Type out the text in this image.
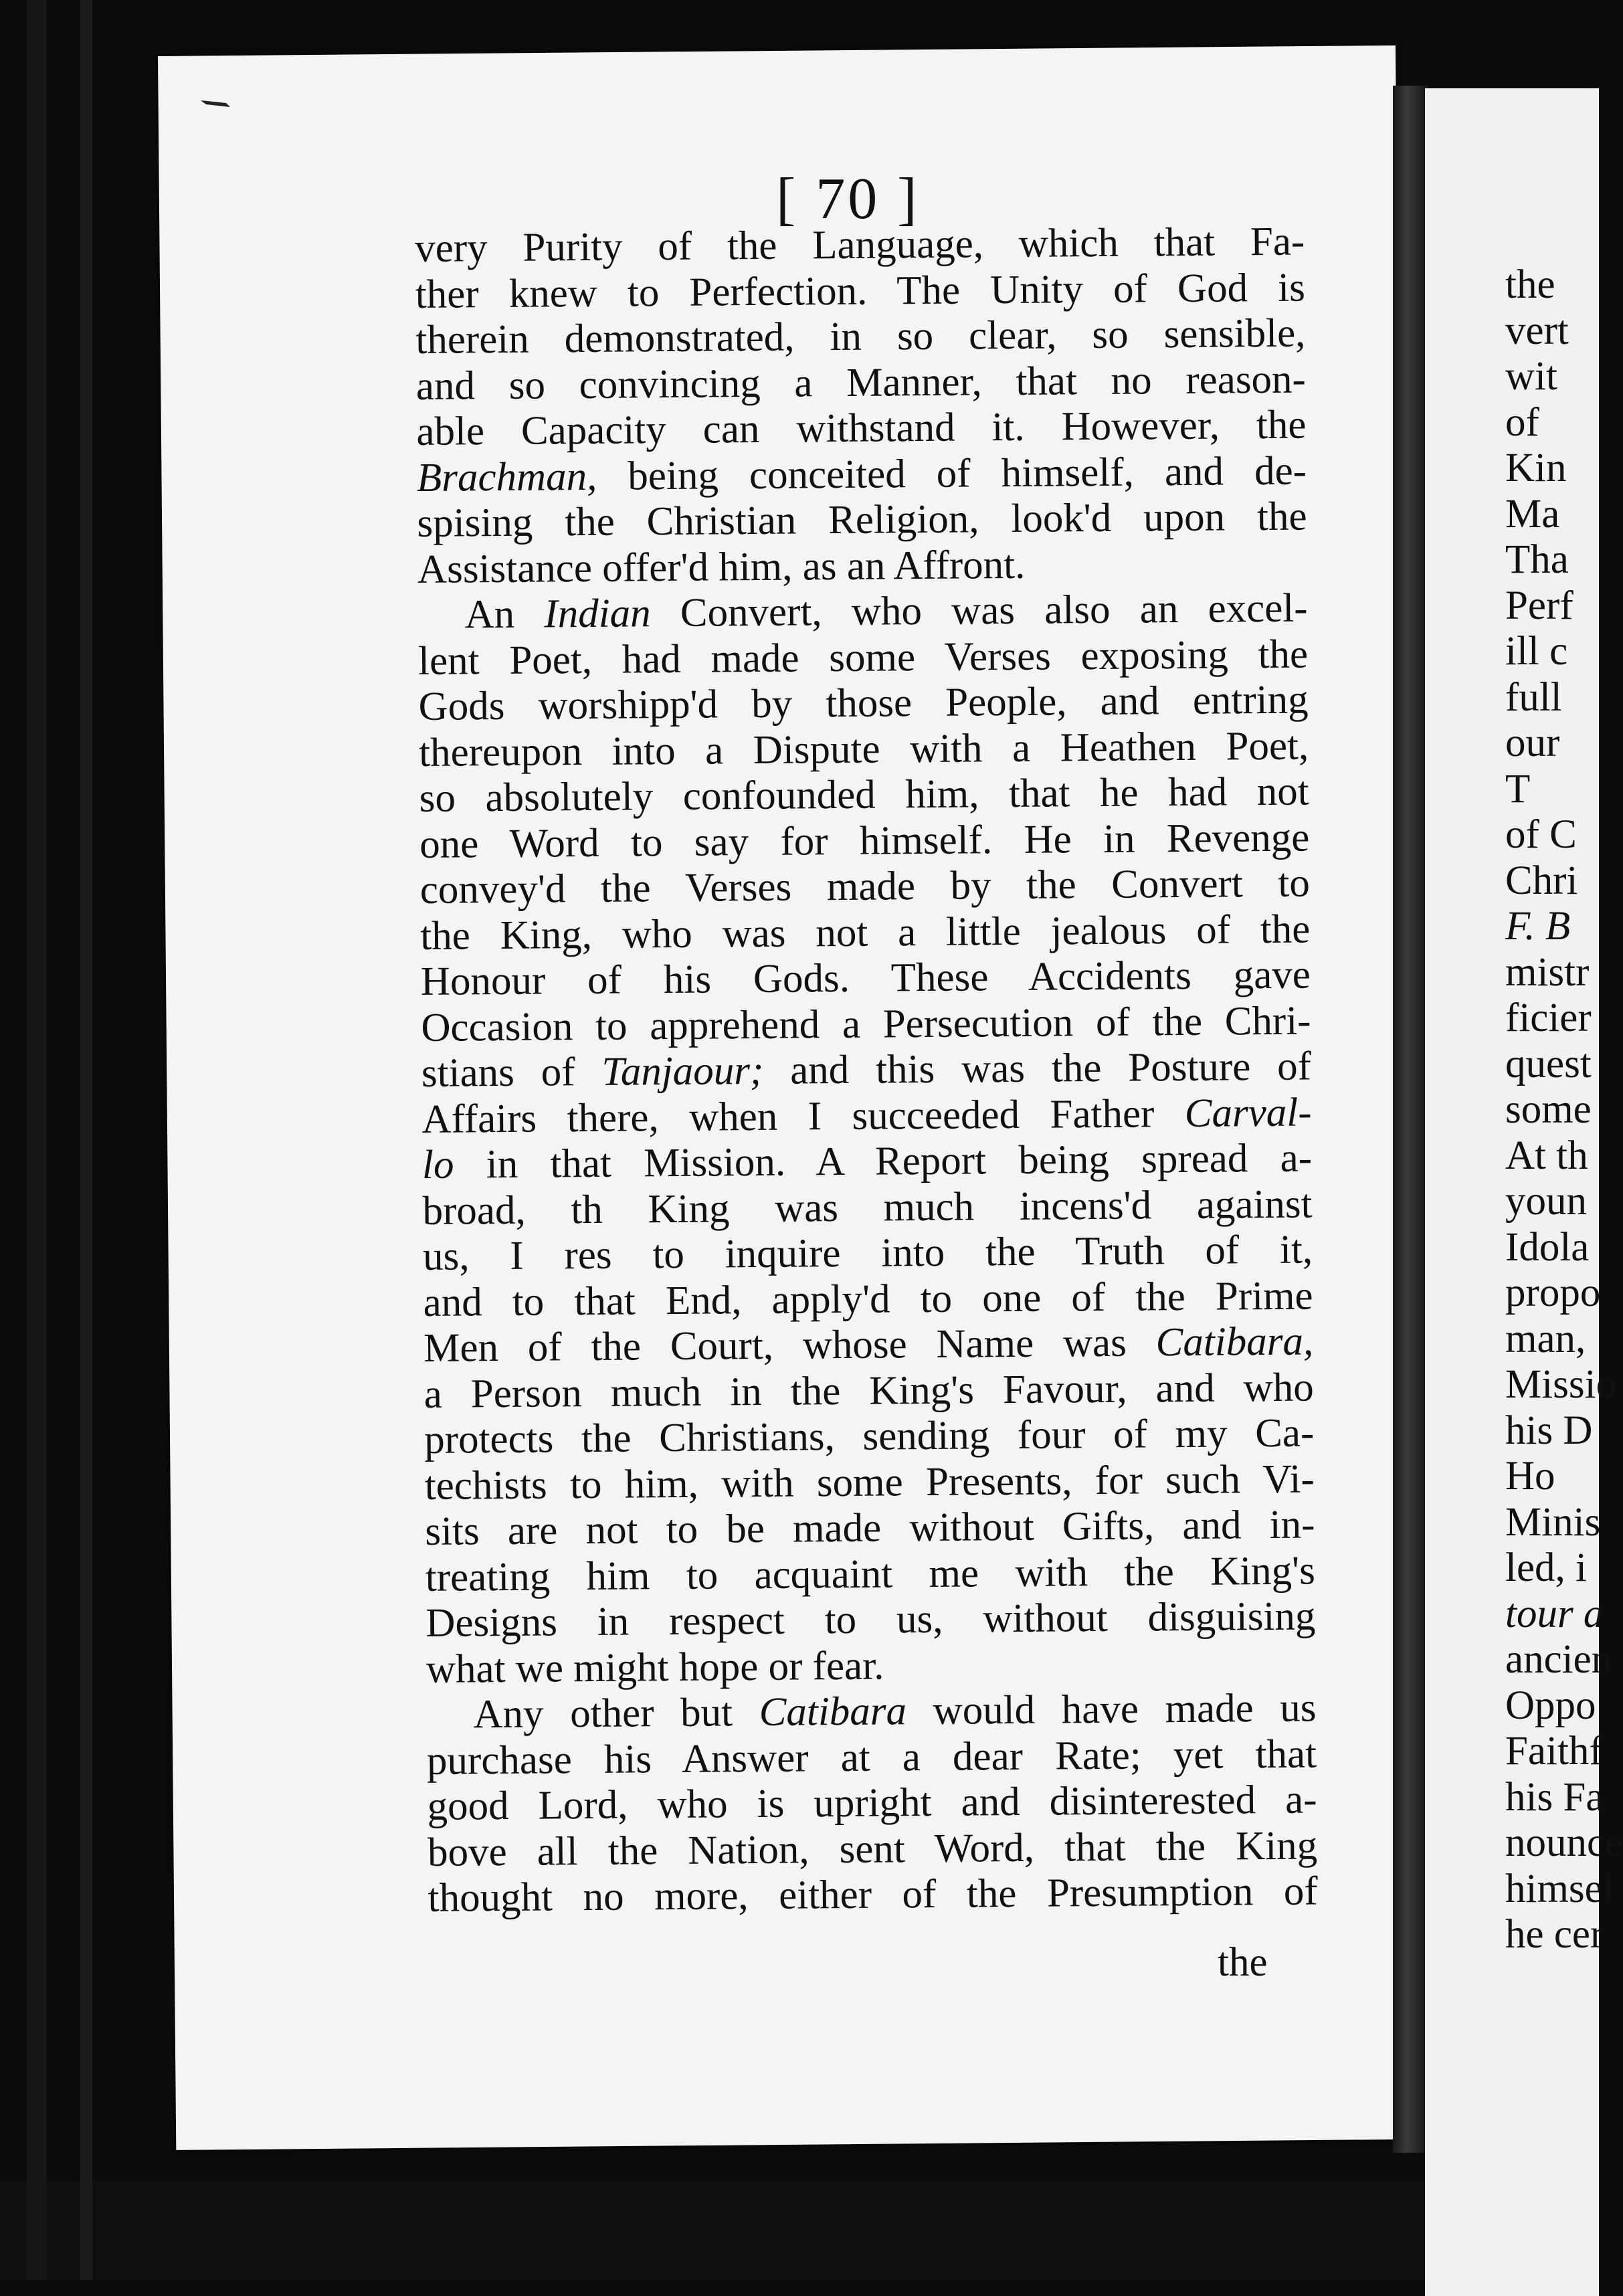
[ 70 ]
very Purity of the Language, which that Fa-
ther knew to Perfection. The Unity of God is
therein demonstrated, in so clear, so sensible,
and so convincing a Manner, that no reason-
able Capacity can withstand it. However, the
Brachman, being conceited of himself, and de-
spising the Christian Religion, look'd upon the
Assistance offer'd him, as an Affront.
An Indian Convert, who was also an excel-
lent Poet, had made some Verses exposing the
Gods worshipp'd by those People, and entring
thereupon into a Dispute with a Heathen Poet,
so absolutely confounded him, that he had not
one Word to say for himself. He in Revenge
convey'd the Verses made by the Convert to
the King, who was not a little jealous of the
Honour of his Gods. These Accidents gave
Occasion to apprehend a Persecution of the Chri-
stians of Tanjaour; and this was the Posture of
Affairs there, when I succeeded Father Carval-
lo in that Mission. A Report being spread a-
broad, th King was much incens'd against
us, I res to inquire into the Truth of it,
and to that End, apply'd to one of the Prime
Men of the Court, whose Name was Catibara,
a Person much in the King's Favour, and who
protects the Christians, sending four of my Ca-
techists to him, with some Presents, for such Vi-
sits are not to be made without Gifts, and in-
treating him to acquaint me with the King's
Designs in respect to us, without disguising
what we might hope or fear.
Any other but Catibara would have made us
purchase his Answer at a dear Rate; yet that
good Lord, who is upright and disinterested a-
bove all the Nation, sent Word, that the King
thought no more, either of the Presumption of
the
the
vert
wit
of
Kin
Ma
Tha
Perf
ill c
full
our
T
of C
Chri
F. B
mistr
ficier
quest
some
At th
youn
Idola
propo
man,
Missio
his D
Ho
Minis
led, i
tour a
ancien
Oppo
Faithf
his Fa
nounce
himsel
he cer
